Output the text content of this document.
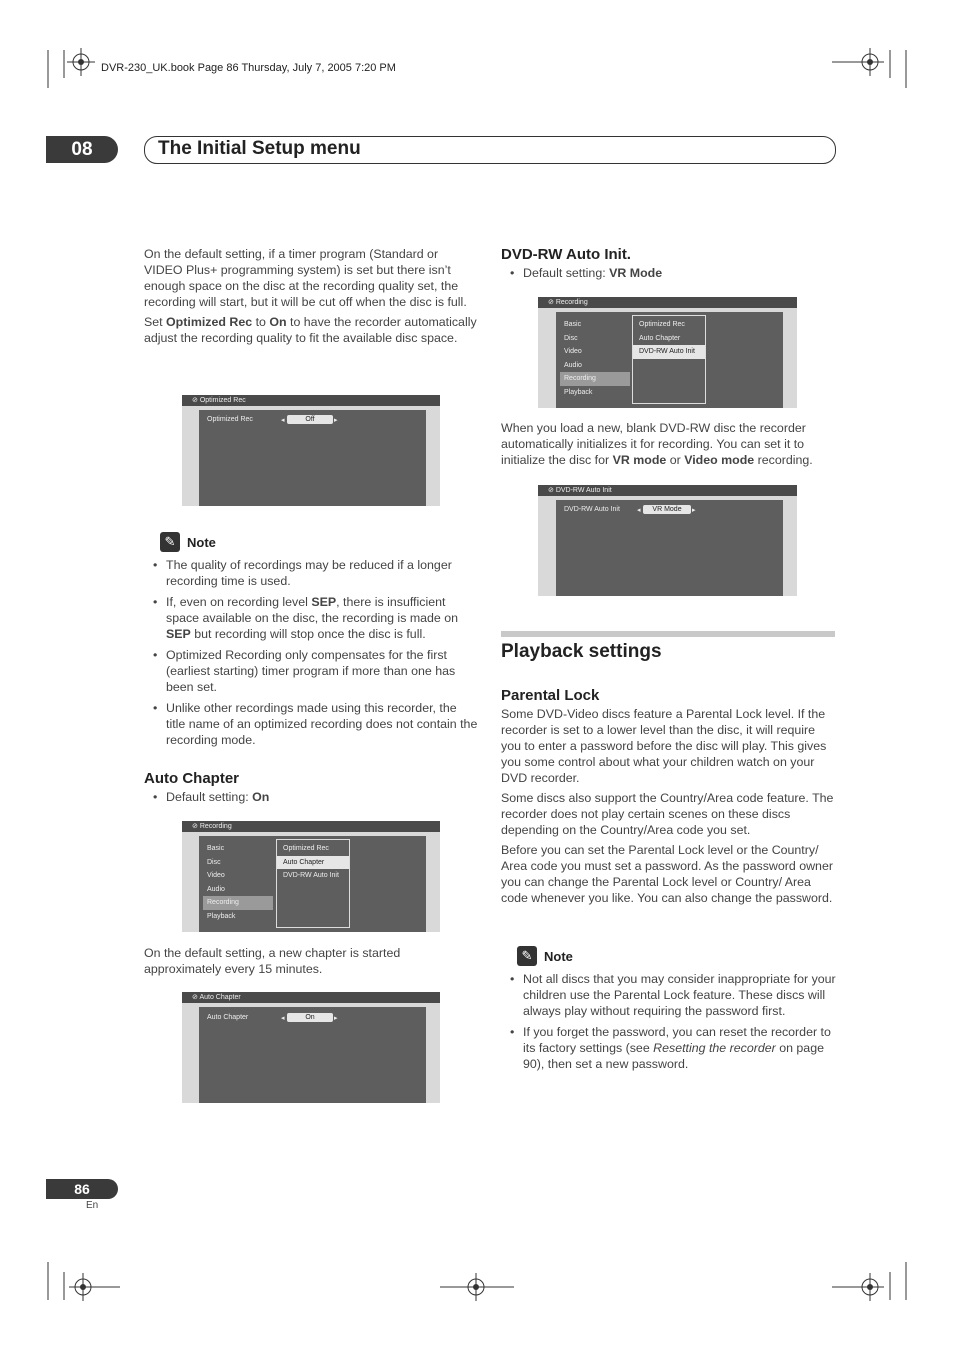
DVR-230_UK.book Page 86 Thursday, July 7, 2005 7:20 PM
08	The Initial Setup menu

On the default setting, if a timer program (Standard or VIDEO Plus+ programming system) is set but there isn’t enough space on the disc at the recording quality set, the recording will start, but it will be cut off when the disc is full.

Set Optimized Rec to On to have the recorder automatically adjust the recording quality to fit the available disc space.

⊘ Optimized Rec
Optimized Rec	◂	Off	▸
✎ Note
• The quality of recordings may be reduced if a longer recording time is used.
• If, even on recording level SEP, there is insufficient space available on the disc, the recording is made on SEP but recording will stop once the disc is full.
• Optimized Recording only compensates for the first (earliest starting) timer program if more than one has been set.
• Unlike other recordings made using this recorder, the title name of an optimized recording does not contain the recording mode.
Auto Chapter
• Default setting: On
⊘ Recording
Basic
Disc
Video
Audio
Recording
Playback
Optimized Rec
Auto Chapter
DVD-RW Auto Init
On the default setting, a new chapter is started approximately every 15 minutes.
⊘ Auto Chapter
Auto Chapter	◂	On	▸
DVD-RW Auto Init.
• Default setting: VR Mode
⊘ Recording
Basic
Disc
Video
Audio
Recording
Playback
Optimized Rec
Auto Chapter
DVD-RW Auto Init
When you load a new, blank DVD-RW disc the recorder automatically initializes it for recording. You can set it to initialize the disc for VR mode or Video mode recording.
⊘ DVD-RW Auto Init
DVD-RW Auto Init ◂	VR Mode	▸
Playback settings
Parental Lock

Some DVD-Video discs feature a Parental Lock level. If the recorder is set to a lower level than the disc, it will require you to enter a password before the disc will play. This gives you some control about what your children watch on your DVD recorder.

Some discs also support the Country/Area code feature. The recorder does not play certain scenes on these discs depending on the Country/Area code you set.

Before you can set the Parental Lock level or the Country/ Area code you must set a password. As the password owner you can change the Parental Lock level or Country/ Area code whenever you like. You can also change the password.

✎ Note
• Not all discs that you may consider inappropriate for your children use the Parental Lock feature. These discs will always play without requiring the password first.
• If you forget the password, you can reset the recorder to its factory settings (see Resetting the recorder on page 90), then set a new password.
86
En
